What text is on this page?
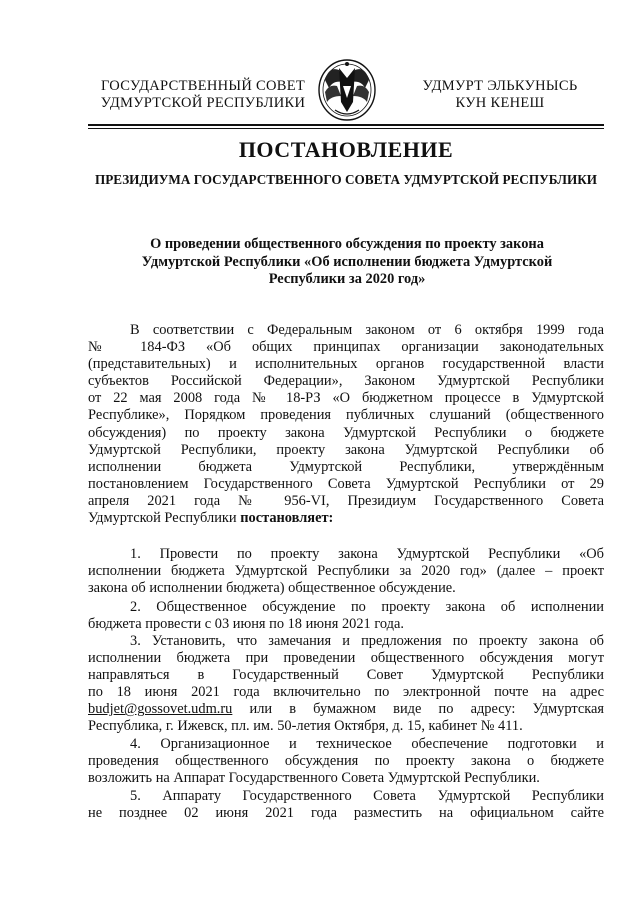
ГОСУДАРСТВЕННЫЙ СОВЕТ
УДМУРТСКОЙ РЕСПУБЛИКИ
УДМУРТ ЭЛЬКУНЫСЬ
КУН КЕНЕШ
ПОСТАНОВЛЕНИЕ
ПРЕЗИДИУМА ГОСУДАРСТВЕННОГО СОВЕТА УДМУРТСКОЙ РЕСПУБЛИКИ
О проведении общественного обсуждения по проекту закона
Удмуртской Республики «Об исполнении бюджета Удмуртской
Республики за 2020 год»
В соответствии с Федеральным законом от 6 октября 1999 года
№ 184-ФЗ «Об общих принципах организации законодательных
(представительных) и исполнительных органов государственной власти
субъектов Российской Федерации», Законом Удмуртской Республики
от 22 мая 2008 года № 18-РЗ «О бюджетном процессе в Удмуртской
Республике», Порядком проведения публичных слушаний (общественного
обсуждения) по проекту закона Удмуртской Республики о бюджете
Удмуртской Республики, проекту закона Удмуртской Республики об
исполнении бюджета Удмуртской Республики, утверждённым
постановлением Государственного Совета Удмуртской Республики от 29
апреля 2021 года № 956-VI, Президиум Государственного Совета
Удмуртской Республики постановляет:
1. Провести по проекту закона Удмуртской Республики «Об
исполнении бюджета Удмуртской Республики за 2020 год» (далее – проект
закона об исполнении бюджета) общественное обсуждение.
2. Общественное обсуждение по проекту закона об исполнении
бюджета провести с 03 июня по 18 июня 2021 года.
3. Установить, что замечания и предложения по проекту закона об
исполнении бюджета при проведении общественного обсуждения могут
направляться в Государственный Совет Удмуртской Республики
по 18 июня 2021 года включительно по электронной почте на адрес
budjet@gossovet.udm.ru или в бумажном виде по адресу: Удмуртская
Республика, г. Ижевск, пл. им. 50-летия Октября, д. 15, кабинет № 411.
4. Организационное и техническое обеспечение подготовки и
проведения общественного обсуждения по проекту закона о бюджете
возложить на Аппарат Государственного Совета Удмуртской Республики.
5. Аппарату Государственного Совета Удмуртской Республики
не позднее 02 июня 2021 года разместить на официальном сайте
